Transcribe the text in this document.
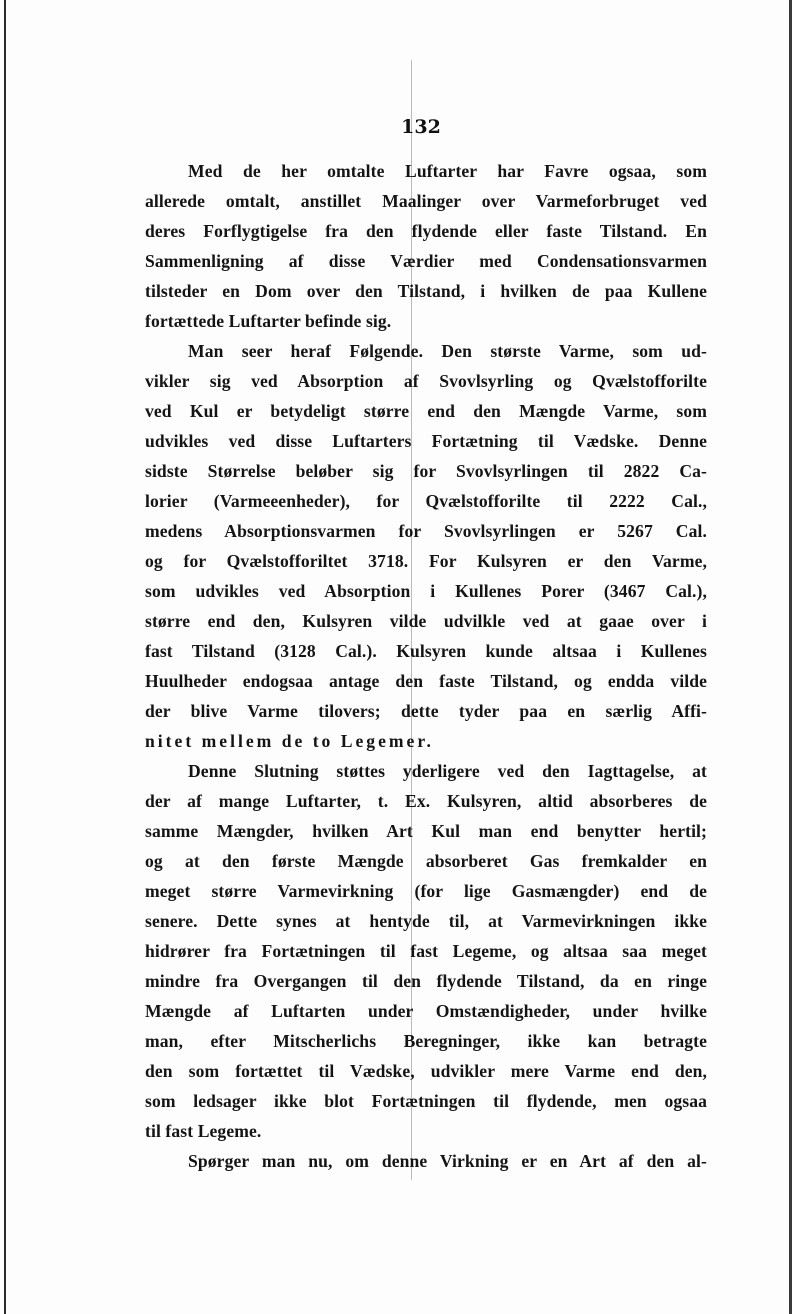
132
Med de her omtalte Luftarter har Favre ogsaa, som
allerede omtalt, anstillet Maalinger over Varmeforbruget ved
deres Forflygtigelse fra den flydende eller faste Tilstand. En
Sammenligning af disse Værdier med Condensationsvarmen
tilsteder en Dom over den Tilstand, i hvilken de paa Kullene
fortættede Luftarter befinde sig.
Man seer heraf Følgende. Den største Varme, som ud-
vikler sig ved Absorption af Svovlsyrling og Qvælstofforilte
ved Kul er betydeligt større end den Mængde Varme, som
udvikles ved disse Luftarters Fortætning til Vædske. Denne
sidste Størrelse beløber sig for Svovlsyrlingen til 2822 Ca-
lorier (Varmeeenheder), for Qvælstofforilte til 2222 Cal.,
medens Absorptionsvarmen for Svovlsyrlingen er 5267 Cal.
og for Qvælstofforiltet 3718. For Kulsyren er den Varme,
som udvikles ved Absorption i Kullenes Porer (3467 Cal.),
større end den, Kulsyren vilde udvilkle ved at gaae over i
fast Tilstand (3128 Cal.). Kulsyren kunde altsaa i Kullenes
Huulheder endogsaa antage den faste Tilstand, og endda vilde
der blive Varme tilovers; dette tyder paa en særlig Affi-
nitet mellem de to Legemer.
Denne Slutning støttes yderligere ved den Iagttagelse, at
der af mange Luftarter, t. Ex. Kulsyren, altid absorberes de
samme Mængder, hvilken Art Kul man end benytter hertil;
og at den første Mængde absorberet Gas fremkalder en
meget større Varmevirkning (for lige Gasmængder) end de
senere. Dette synes at hentyde til, at Varmevirkningen ikke
hidrører fra Fortætningen til fast Legeme, og altsaa saa meget
mindre fra Overgangen til den flydende Tilstand, da en ringe
Mængde af Luftarten under Omstændigheder, under hvilke
man, efter Mitscherlichs Beregninger, ikke kan betragte
den som fortættet til Vædske, udvikler mere Varme end den,
som ledsager ikke blot Fortætningen til flydende, men ogsaa
til fast Legeme.
Spørger man nu, om denne Virkning er en Art af den al-
